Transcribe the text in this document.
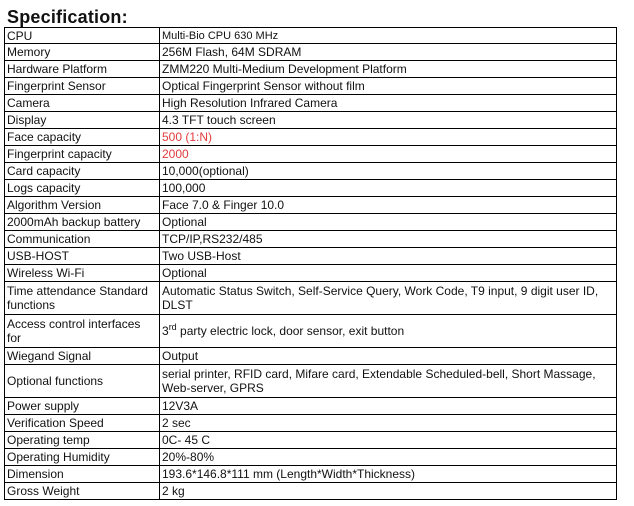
Specification:
CPU	Multi-Bio CPU 630 MHz
Memory	256M Flash, 64M SDRAM
Hardware Platform	ZMM220 Multi-Medium Development Platform
Fingerprint Sensor	Optical Fingerprint Sensor without film
Camera	High Resolution Infrared Camera
Display	4.3 TFT touch screen
Face capacity	500 (1:N)
Fingerprint capacity	2000
Card capacity	10,000(optional)
Logs capacity	100,000
Algorithm Version	Face 7.0 & Finger 10.0
2000mAh backup battery	Optional
Communication	TCP/IP,RS232/485
USB-HOST	Two USB-Host
Wireless Wi-Fi	Optional
Time attendance Standard functions	Automatic Status Switch, Self-Service Query, Work Code, T9 input, 9 digit user ID, DLST
Access control interfaces for	3rd party electric lock, door sensor, exit button
Wiegand Signal	Output
Optional functions	serial printer, RFID card, Mifare card, Extendable Scheduled-bell, Short Massage, Web-server, GPRS
Power supply	12V3A
Verification Speed	2 sec
Operating temp	0C- 45 C
Operating Humidity	20%-80%
Dimension	193.6*146.8*111 mm (Length*Width*Thickness)
Gross Weight	2 kg
